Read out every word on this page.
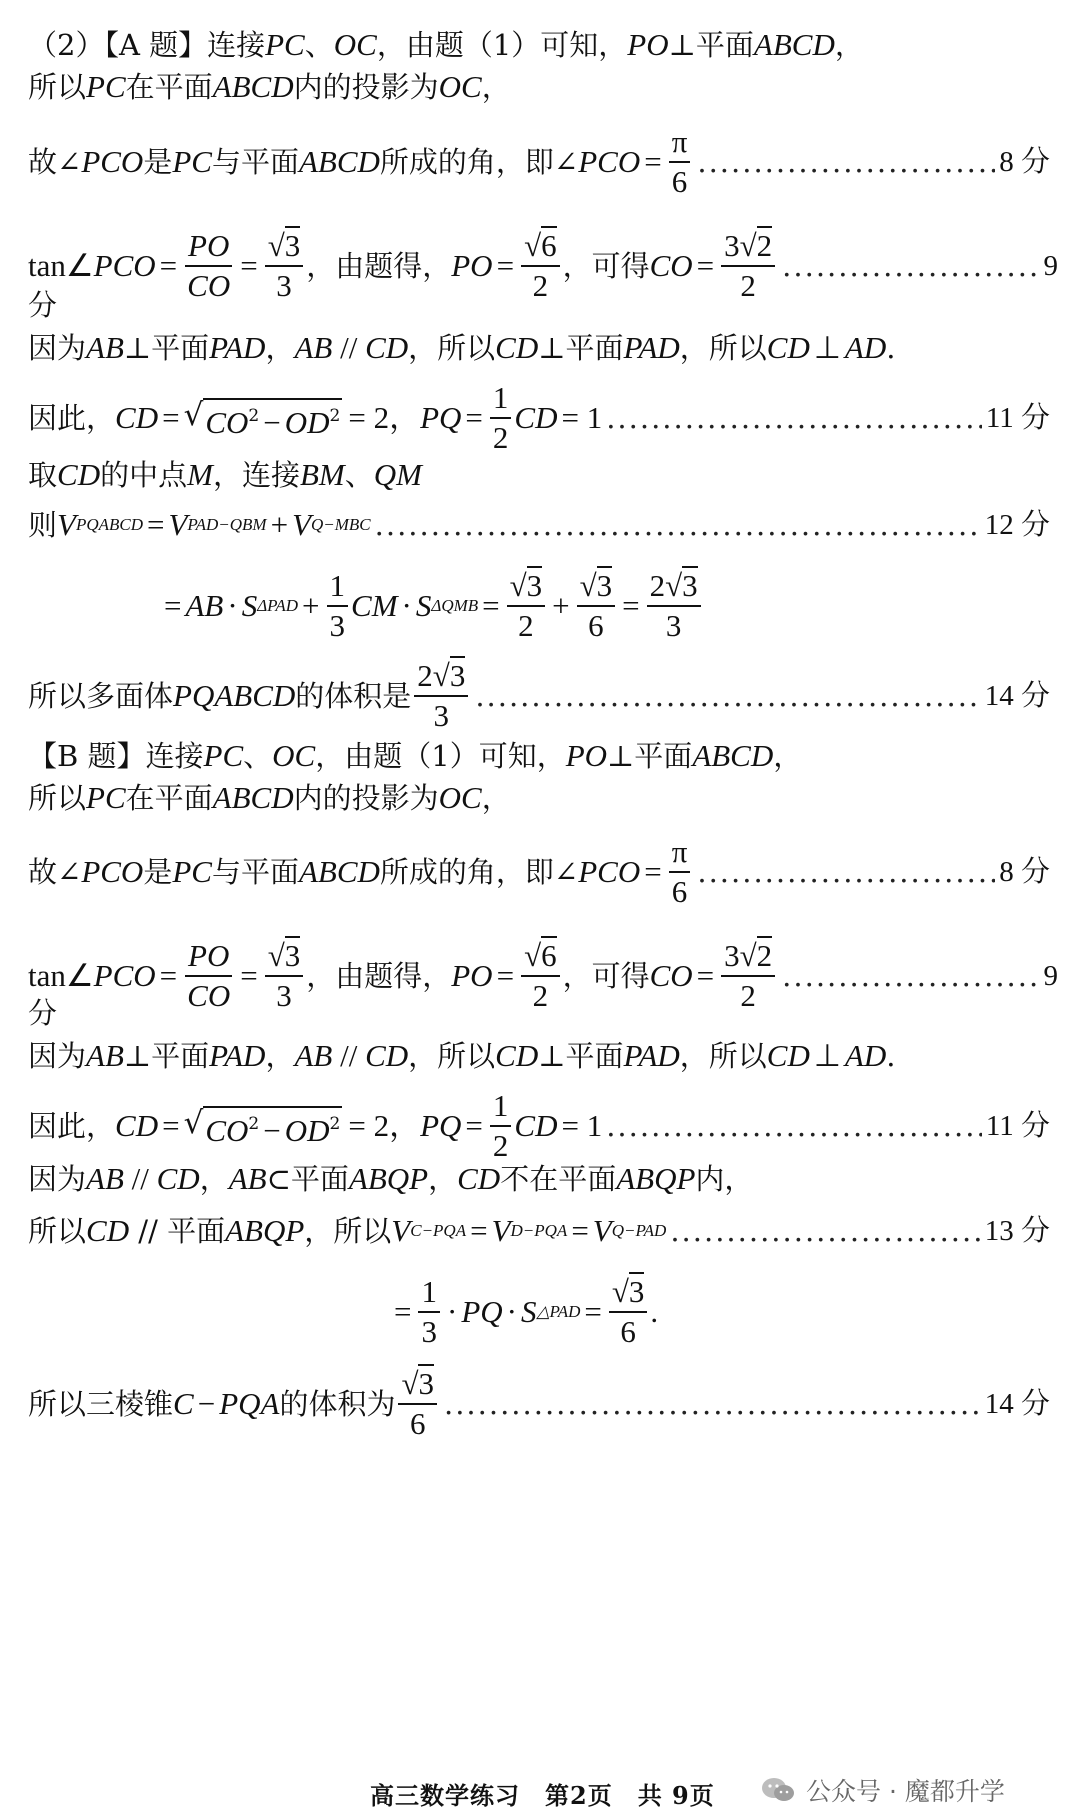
（2）【A 题】连接 PC 、 OC ，由题（1）可知， PO ⊥平面 ABCD ，
所以 PC 在平面 ABCD 内的投影为 OC ，
故∠ PCO 是 PC 与平面 ABCD 所成的角，即∠ PCO = $\frac{\pi}{6}$ .....	8 分
tan∠ PCO = $\frac{PO}{CO} = \frac{√3}{3}$ ，由题得， PO = $\frac{√6}{2}$ ，可得 CO = $\frac{3√2}{2}$ .....	9
分
因为 AB ⊥平面 PAD ， AB // CD ，所以 CD ⊥平面 PAD ，所以 CD ⊥ AD .
因此， CD = √ $CO^2 - OD^2 = 2$， PQ = $\frac{1}{2}$ CD = 1 .....	11 分
取 CD 的中点 M ，连接 BM 、 QM
则 V PQABCD = V PAD−QBM + V Q−MBC .....	12 分
= AB · S $\Delta PAD + \frac{1}{3}$ CM · S $\Delta QMB = \frac{√3}{2} + \frac{√3}{6} = \frac{2√3}{3}$
所以多面体 PQABCD 的体积是 $\frac{2√3}{3}$ .....	14 分
【B 题】连接 PC 、 OC ，由题（1）可知， PO ⊥平面 ABCD ，
所以 PC 在平面 ABCD 内的投影为 OC ，
故∠ PCO 是 PC 与平面 ABCD 所成的角，即∠ PCO = $\frac{\pi}{6}$ .....	8 分
tan∠ PCO = $\frac{PO}{CO} = \frac{√3}{3}$ ，由题得， PO = $\frac{√6}{2}$ ，可得 CO = $\frac{3√2}{2}$ .....	9
分
因为 AB ⊥平面 PAD ， AB // CD ，所以 CD ⊥平面 PAD ，所以 CD ⊥ AD .
因此， CD = √ $CO^2 - OD^2 = 2$， PQ = $\frac{1}{2}$ CD = 1 .....	11 分
因为 AB // CD ， AB ⊂平面 ABQP ， CD 不在平面 ABQP 内，
所以 CD // 平面 ABQP ，所以 V C−PQA = V D−PQA = V Q−PAD .....	13 分
= $\frac{1}{3}$ · PQ · S △PAD = $\frac{√3}{6}$ .
所以三棱锥 C − PQA 的体积为 $\frac{√3}{6}$ .....	14 分
高三数学练习　第2页　共 9页	公众号 · 魔都升学
